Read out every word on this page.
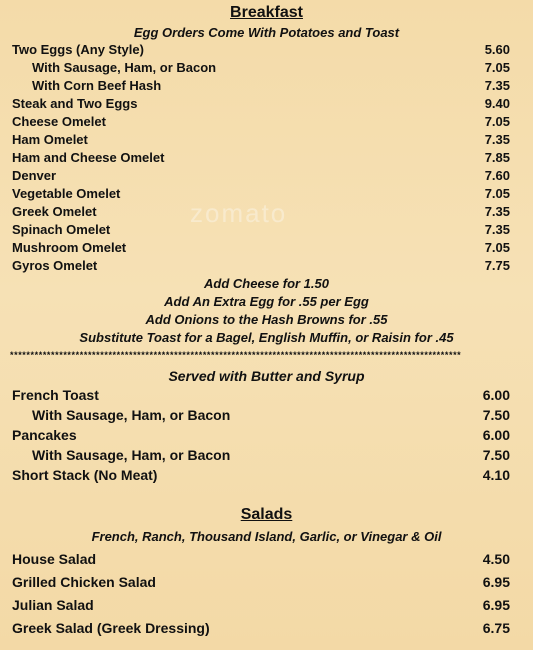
zomato
Breakfast
Egg Orders Come With Potatoes and Toast
Two Eggs (Any Style)	5.60
With Sausage, Ham, or Bacon	7.05
With Corn Beef Hash	7.35
Steak and Two Eggs	9.40
Cheese Omelet	7.05
Ham Omelet	7.35
Ham and Cheese Omelet	7.85
Denver	7.60
Vegetable Omelet	7.05
Greek Omelet	7.35
Spinach Omelet	7.35
Mushroom Omelet	7.05
Gyros Omelet	7.75
Add Cheese for 1.50
Add An Extra Egg for .55 per Egg
Add Onions to the Hash Browns for .55
Substitute Toast for a Bagel, English Muffin, or Raisin for .45
**************************************************************************************************************
Served with Butter and Syrup
French Toast	6.00
With Sausage, Ham, or Bacon	7.50
Pancakes	6.00
With Sausage, Ham, or Bacon	7.50
Short Stack (No Meat)	4.10
Salads
French, Ranch, Thousand Island, Garlic, or Vinegar & Oil
House Salad	4.50
Grilled Chicken Salad	6.95
Julian Salad	6.95
Greek Salad (Greek Dressing)	6.75
